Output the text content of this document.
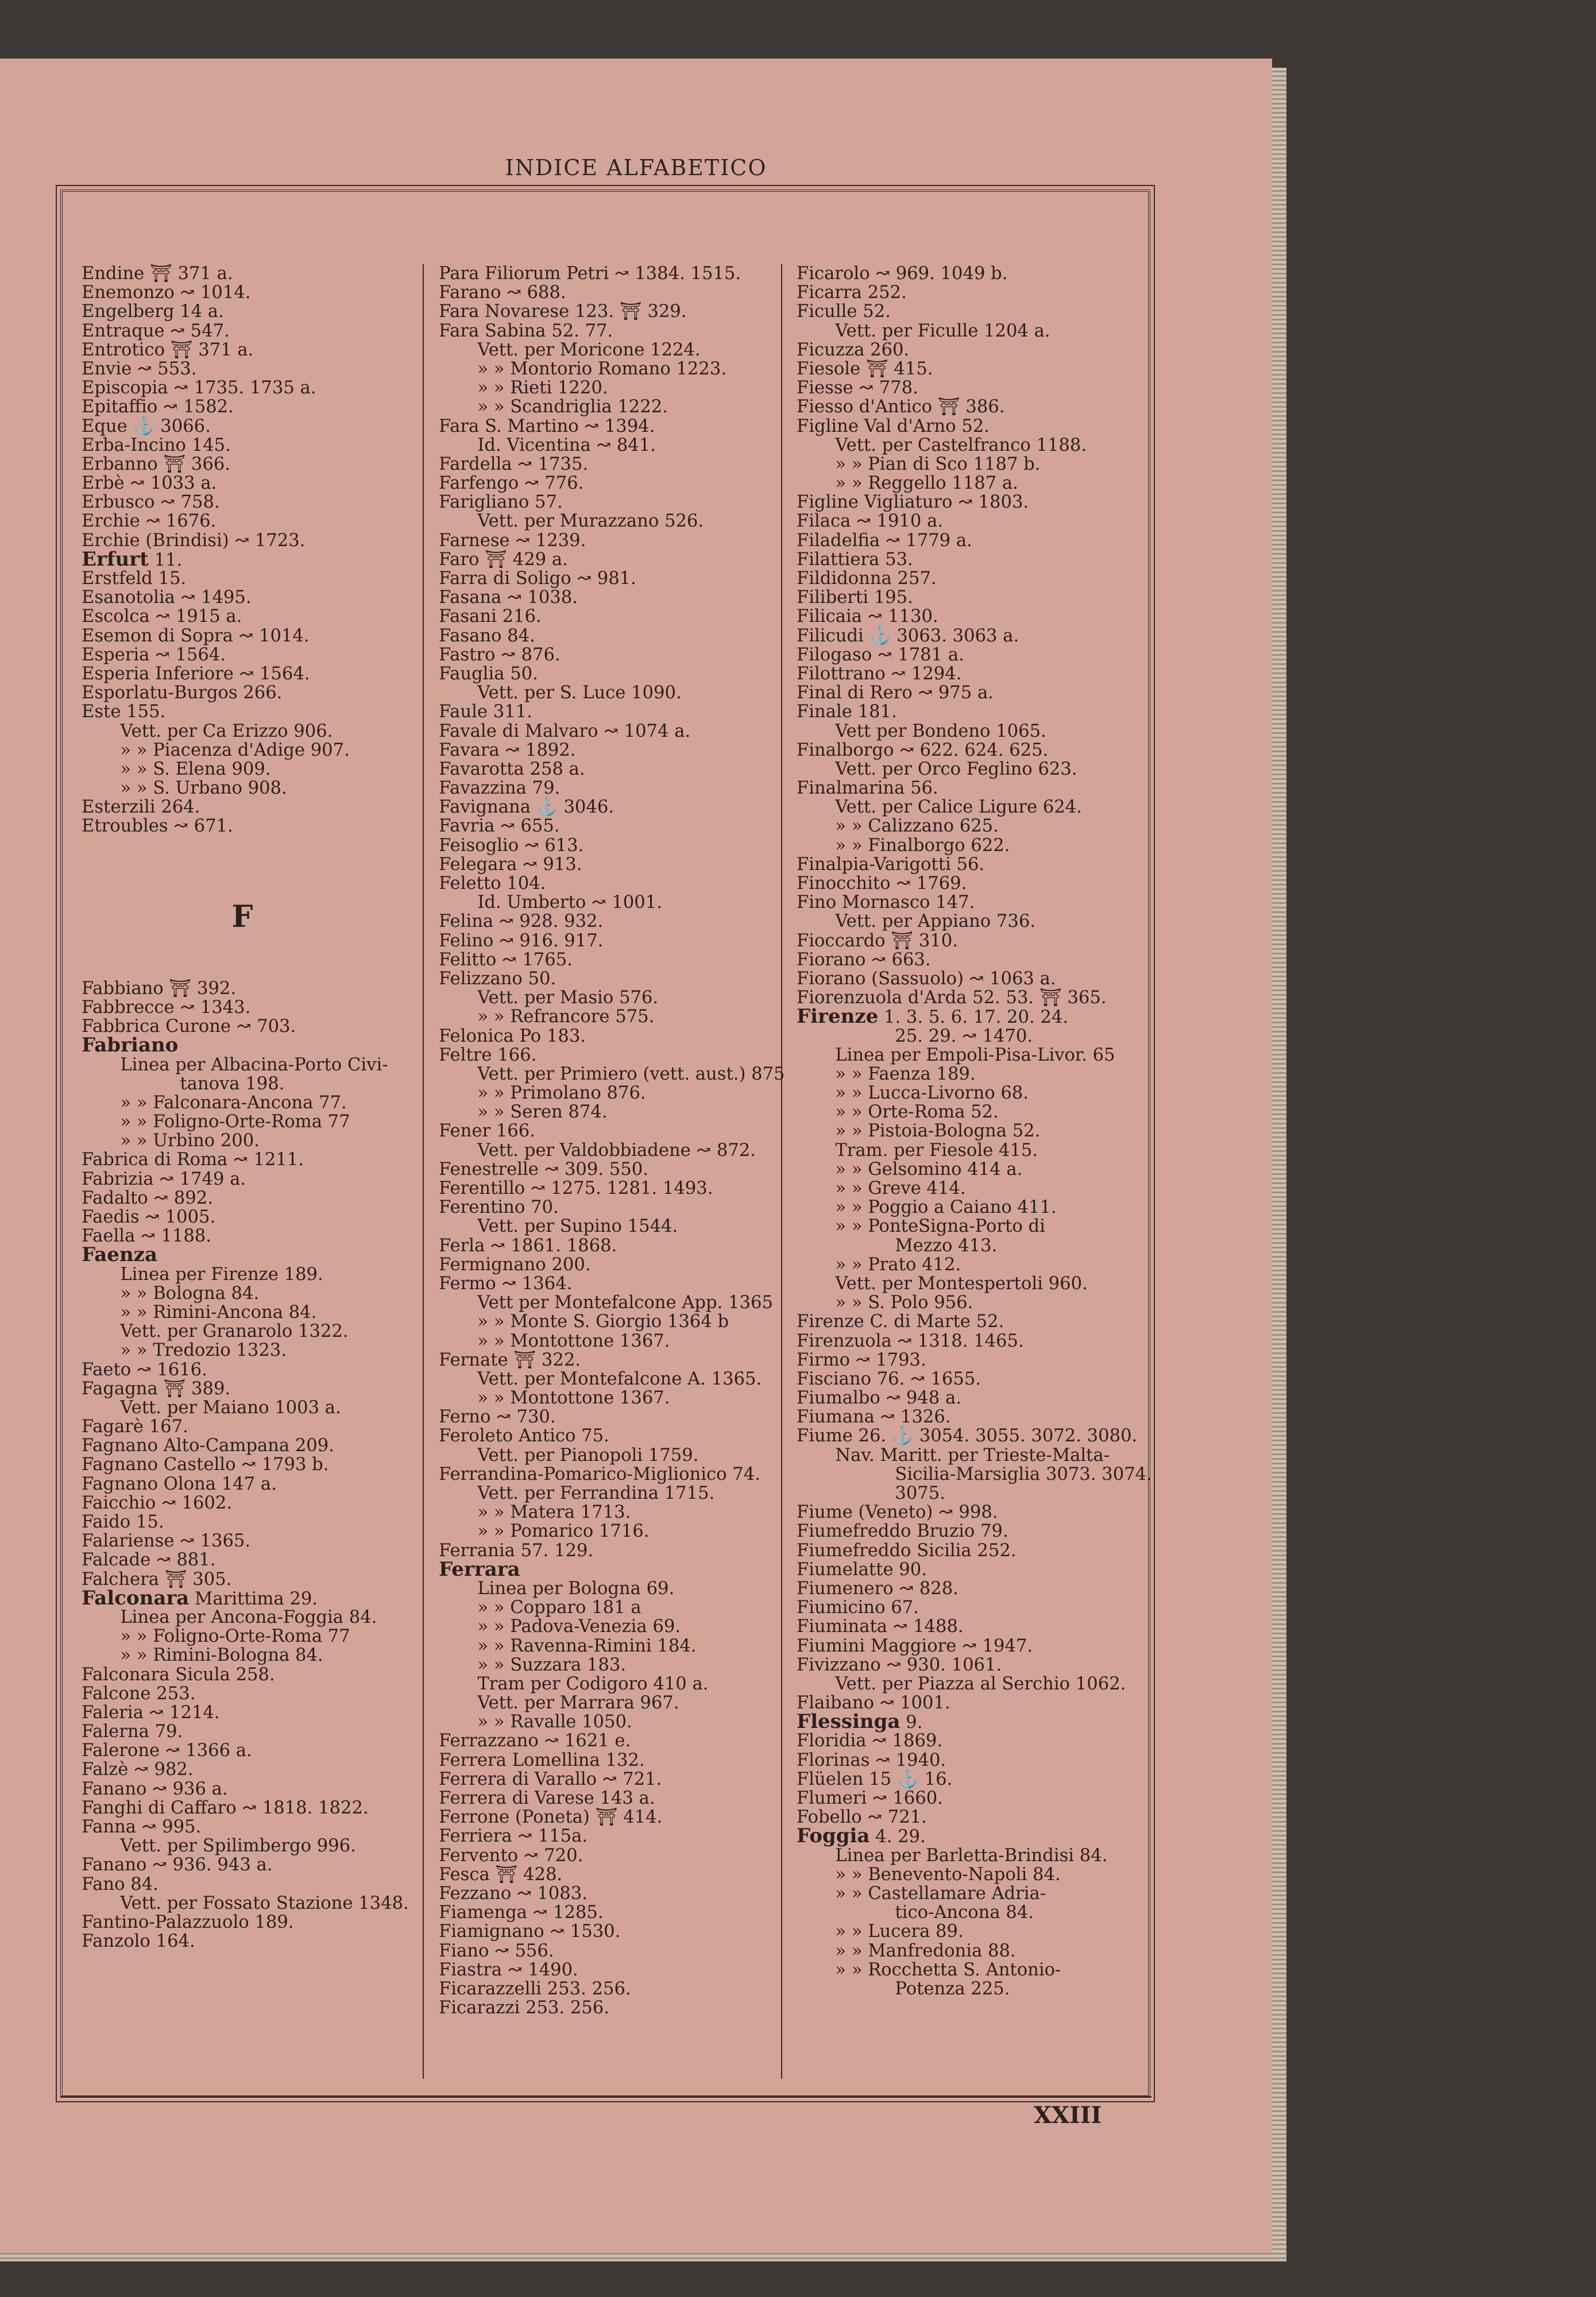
INDICE ALFABETICO
Endine ⛩ 371 a.
Enemonzo ↝ 1014.
Engelberg 14 a.
Entraque ↝ 547.
Entrotico ⛩ 371 a.
Envie ↝ 553.
Episcopia ↝ 1735. 1735 a.
Epitaffio ↝ 1582.
Eque ⚓ 3066.
Erba-Incino 145.
Erbanno ⛩ 366.
Erbè ↝ 1033 a.
Erbusco ↝ 758.
Erchie ↝ 1676.
Erchie (Brindisi) ↝ 1723.
Erfurt 11.
Erstfeld 15.
Esanotolia ↝ 1495.
Escolca ↝ 1915 a.
Esemon di Sopra ↝ 1014.
Esperia ↝ 1564.
Esperia Inferiore ↝ 1564.
Esporlatu-Burgos 266.
Este 155.
Vett. per Ca Erizzo 906.
» » Piacenza d'Adige 907.
» » S. Elena 909.
» » S. Urbano 908.
Esterzili 264.
Etroubles ↝ 671.

F

Fabbiano ⛩ 392.
Fabbrecce ↝ 1343.
Fabbrica Curone ↝ 703.
Fabriano
Linea per Albacina-Porto Civi-
tanova 198.
» » Falconara-Ancona 77.
» » Foligno-Orte-Roma 77
» » Urbino 200.
Fabrica di Roma ↝ 1211.
Fabrizia ↝ 1749 a.
Fadalto ↝ 892.
Faedis ↝ 1005.
Faella ↝ 1188.
Faenza
Linea per Firenze 189.
» » Bologna 84.
» » Rimini-Ancona 84.
Vett. per Granarolo 1322.
» » Tredozio 1323.
Faeto ↝ 1616.
Fagagna ⛩ 389.
Vett. per Maiano 1003 a.
Fagarè 167.
Fagnano Alto-Campana 209.
Fagnano Castello ↝ 1793 b.
Fagnano Olona 147 a.
Faicchio ↝ 1602.
Faido 15.
Falariense ↝ 1365.
Falcade ↝ 881.
Falchera ⛩ 305.
Falconara Marittima 29.
Linea per Ancona-Foggia 84.
» » Foligno-Orte-Roma 77
» » Rimini-Bologna 84.
Falconara Sicula 258.
Falcone 253.
Faleria ↝ 1214.
Falerna 79.
Falerone ↝ 1366 a.
Falzè ↝ 982.
Fanano ↝ 936 a.
Fanghi di Caffaro ↝ 1818. 1822.
Fanna ↝ 995.
Vett. per Spilimbergo 996.
Fanano ↝ 936. 943 a.
Fano 84.
Vett. per Fossato Stazione 1348.
Fantino-Palazzuolo 189.
Fanzolo 164.
Para Filiorum Petri ↝ 1384. 1515.
Farano ↝ 688.
Fara Novarese 123. ⛩ 329.
Fara Sabina 52. 77.
Vett. per Moricone 1224.
» » Montorio Romano 1223.
» » Rieti 1220.
» » Scandriglia 1222.
Fara S. Martino ↝ 1394.
Id. Vicentina ↝ 841.
Fardella ↝ 1735.
Farfengo ↝ 776.
Farigliano 57.
Vett. per Murazzano 526.
Farnese ↝ 1239.
Faro ⛩ 429 a.
Farra di Soligo ↝ 981.
Fasana ↝ 1038.
Fasani 216.
Fasano 84.
Fastro ↝ 876.
Fauglia 50.
Vett. per S. Luce 1090.
Faule 311.
Favale di Malvaro ↝ 1074 a.
Favara ↝ 1892.
Favarotta 258 a.
Favazzina 79.
Favignana ⚓ 3046.
Favria ↝ 655.
Feisoglio ↝ 613.
Felegara ↝ 913.
Feletto 104.
Id. Umberto ↝ 1001.
Felina ↝ 928. 932.
Felino ↝ 916. 917.
Felitto ↝ 1765.
Felizzano 50.
Vett. per Masio 576.
» » Refrancore 575.
Felonica Po 183.
Feltre 166.
Vett. per Primiero (vett. aust.) 875
» » Primolano 876.
» » Seren 874.
Fener 166.
Vett. per Valdobbiadene ↝ 872.
Fenestrelle ↝ 309. 550.
Ferentillo ↝ 1275. 1281. 1493.
Ferentino 70.
Vett. per Supino 1544.
Ferla ↝ 1861. 1868.
Fermignano 200.
Fermo ↝ 1364.
Vett per Montefalcone App. 1365
» » Monte S. Giorgio 1364 b
» » Montottone 1367.
Fernate ⛩ 322.
Vett. per Montefalcone A. 1365.
» » Montottone 1367.
Ferno ↝ 730.
Feroleto Antico 75.
Vett. per Pianopoli 1759.
Ferrandina-Pomarico-Miglionico 74.
Vett. per Ferrandina 1715.
» » Matera 1713.
» » Pomarico 1716.
Ferrania 57. 129.
Ferrara
Linea per Bologna 69.
» » Copparo 181 a
» » Padova-Venezia 69.
» » Ravenna-Rimini 184.
» » Suzzara 183.
Tram per Codigoro 410 a.
Vett. per Marrara 967.
» » Ravalle 1050.
Ferrazzano ↝ 1621 e.
Ferrera Lomellina 132.
Ferrera di Varallo ↝ 721.
Ferrera di Varese 143 a.
Ferrone (Poneta) ⛩ 414.
Ferriera ↝ 115a.
Fervento ↝ 720.
Fesca ⛩ 428.
Fezzano ↝ 1083.
Fiamenga ↝ 1285.
Fiamignano ↝ 1530.
Fiano ↝ 556.
Fiastra ↝ 1490.
Ficarazzelli 253. 256.
Ficarazzi 253. 256.
Ficarolo ↝ 969. 1049 b.
Ficarra 252.
Ficulle 52.
Vett. per Ficulle 1204 a.
Ficuzza 260.
Fiesole ⛩ 415.
Fiesse ↝ 778.
Fiesso d'Antico ⛩ 386.
Figline Val d'Arno 52.
Vett. per Castelfranco 1188.
» » Pian di Sco 1187 b.
» » Reggello 1187 a.
Figline Vigliaturo ↝ 1803.
Filaca ↝ 1910 a.
Filadelfia ↝ 1779 a.
Filattiera 53.
Fildidonna 257.
Filiberti 195.
Filicaia ↝ 1130.
Filicudi ⚓ 3063. 3063 a.
Filogaso ↝ 1781 a.
Filottrano ↝ 1294.
Final di Rero ↝ 975 a.
Finale 181.
Vett per Bondeno 1065.
Finalborgo ↝ 622. 624. 625.
Vett. per Orco Feglino 623.
Finalmarina 56.
Vett. per Calice Ligure 624.
» » Calizzano 625.
» » Finalborgo 622.
Finalpia-Varigotti 56.
Finocchito ↝ 1769.
Fino Mornasco 147.
Vett. per Appiano 736.
Fioccardo ⛩ 310.
Fiorano ↝ 663.
Fiorano (Sassuolo) ↝ 1063 a.
Fiorenzuola d'Arda 52. 53. ⛩ 365.
Firenze 1. 3. 5. 6. 17. 20. 24.
25. 29. ↝ 1470.
Linea per Empoli-Pisa-Livor. 65
» » Faenza 189.
» » Lucca-Livorno 68.
» » Orte-Roma 52.
» » Pistoia-Bologna 52.
Tram. per Fiesole 415.
» » Gelsomino 414 a.
» » Greve 414.
» » Poggio a Caiano 411.
» » PonteSigna-Porto di
Mezzo 413.
» » Prato 412.
Vett. per Montespertoli 960.
» » S. Polo 956.
Firenze C. di Marte 52.
Firenzuola ↝ 1318. 1465.
Firmo ↝ 1793.
Fisciano 76. ↝ 1655.
Fiumalbo ↝ 948 a.
Fiumana ↝ 1326.
Fiume 26. ⚓ 3054. 3055. 3072. 3080.
Nav. Maritt. per Trieste-Malta-
Sicilia-Marsiglia 3073. 3074.
3075.
Fiume (Veneto) ↝ 998.
Fiumefreddo Bruzio 79.
Fiumefreddo Sicilia 252.
Fiumelatte 90.
Fiumenero ↝ 828.
Fiumicino 67.
Fiuminata ↝ 1488.
Fiumini Maggiore ↝ 1947.
Fivizzano ↝ 930. 1061.
Vett. per Piazza al Serchio 1062.
Flaibano ↝ 1001.
Flessinga 9.
Floridia ↝ 1869.
Florinas ↝ 1940.
Flüelen 15 ⚓ 16.
Flumeri ↝ 1660.
Fobello ↝ 721.
Foggia 4. 29.
Linea per Barletta-Brindisi 84.
» » Benevento-Napoli 84.
» » Castellamare Adria-
tico-Ancona 84.
» » Lucera 89.
» » Manfredonia 88.
» » Rocchetta S. Antonio-
Potenza 225.
XXIII
